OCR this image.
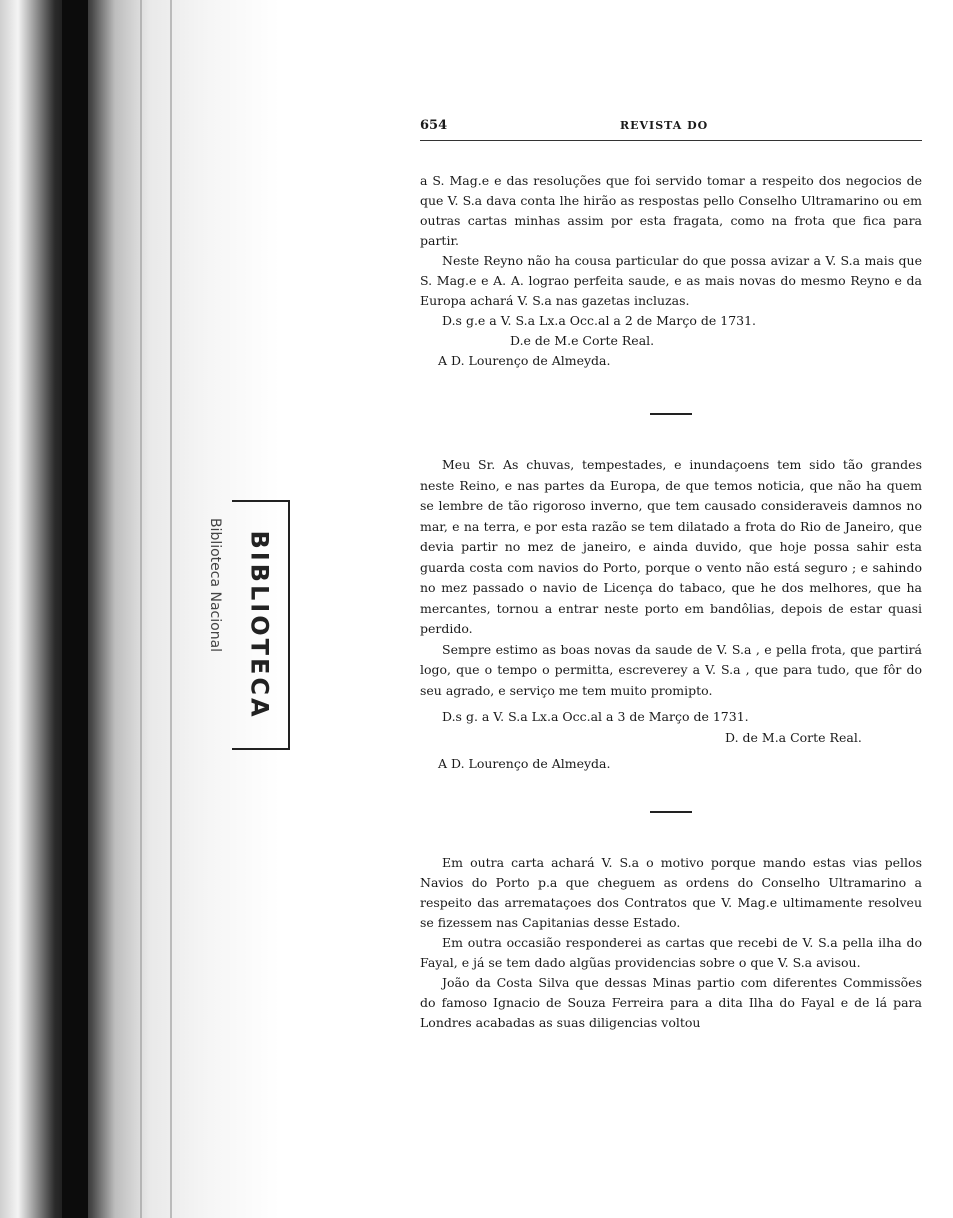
Biblioteca Nacional BIBLIOTECA
654	REVISTA DO

a S. Mag.e e das resoluções que foi servido tomar a respeito dos negocios de que V. S.a dava conta lhe hirão as respostas pello Conselho Ultramarino ou em outras cartas minhas assim por esta fragata, como na frota que fica para partir.

Neste Reyno não ha cousa particular do que possa avizar a V. S.a mais que S. Mag.e e A. A. lograo perfeita saude, e as mais novas do mesmo Reyno e da Europa achará V. S.a nas gazetas incluzas.

D.s g.e a V. S.a Lx.a Occ.al a 2 de Março de 1731.

D.e de M.e Corte Real.

A D. Lourenço de Almeyda.

Meu Sr. As chuvas, tempestades, e inundaçoens tem sido tão grandes neste Reino, e nas partes da Europa, de que temos noticia, que não ha quem se lembre de tão rigoroso inverno, que tem causado consideraveis damnos no mar, e na terra, e por esta razão se tem dilatado a frota do Rio de Janeiro, que devia partir no mez de janeiro, e ainda duvido, que hoje possa sahir esta guarda costa com navios do Porto, porque o vento não está seguro ; e sahindo no mez passado o navio de Licença do tabaco, que he dos melhores, que ha mercantes, tornou a entrar neste porto em bandôlias, depois de estar quasi perdido.

Sempre estimo as boas novas da saude de V. S.a , e pella frota, que partirá logo, que o tempo o permitta, escreverey a V. S.a , que para tudo, que fôr do seu agrado, e serviço me tem muito promipto.

D.s g. a V. S.a Lx.a Occ.al a 3 de Março de 1731.

D. de M.a Corte Real.

A D. Lourenço de Almeyda.

Em outra carta achará V. S.a o motivo porque mando estas vias pellos Navios do Porto p.a que cheguem as ordens do Conselho Ultramarino a respeito das arremataçoes dos Contratos que V. Mag.e ultimamente resolveu se fizessem nas Capitanias desse Estado.

Em outra occasião responderei as cartas que recebi de V. S.a pella ilha do Fayal, e já se tem dado algũas providencias sobre o que V. S.a avisou.

João da Costa Silva que dessas Minas partio com diferentes Commissões do famoso Ignacio de Souza Ferreira para a dita Ilha do Fayal e de lá para Londres acabadas as suas diligencias voltou
